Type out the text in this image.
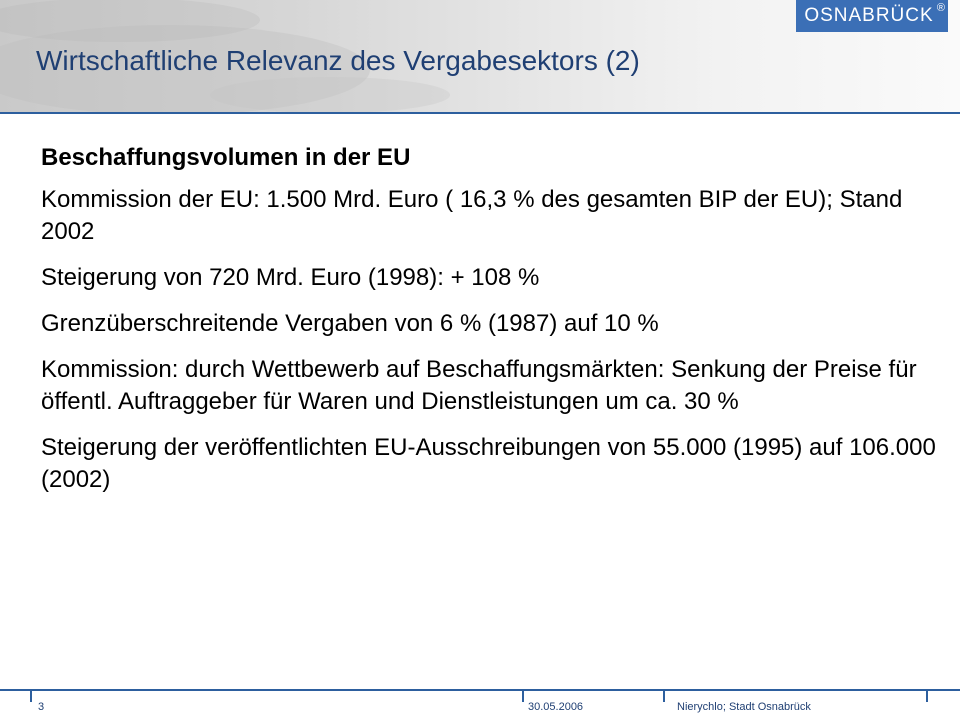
OSNABRÜCK ®
Wirtschaftliche Relevanz des Vergabesektors (2)

Beschaffungsvolumen in der EU

Kommission der EU: 1.500 Mrd. Euro ( 16,3 % des gesamten BIP der EU); Stand 2002

Steigerung von 720 Mrd. Euro (1998): + 108 %

Grenzüberschreitende Vergaben von 6 % (1987) auf 10 %

Kommission: durch Wettbewerb auf Beschaffungsmärkten: Senkung der Preise für öffentl. Auftraggeber für Waren und Dienstleistungen um ca. 30 %

Steigerung der veröffentlichten EU-Ausschreibungen von 55.000 (1995) auf 106.000 (2002)

3	30.05.2006	Nierychlo; Stadt Osnabrück
